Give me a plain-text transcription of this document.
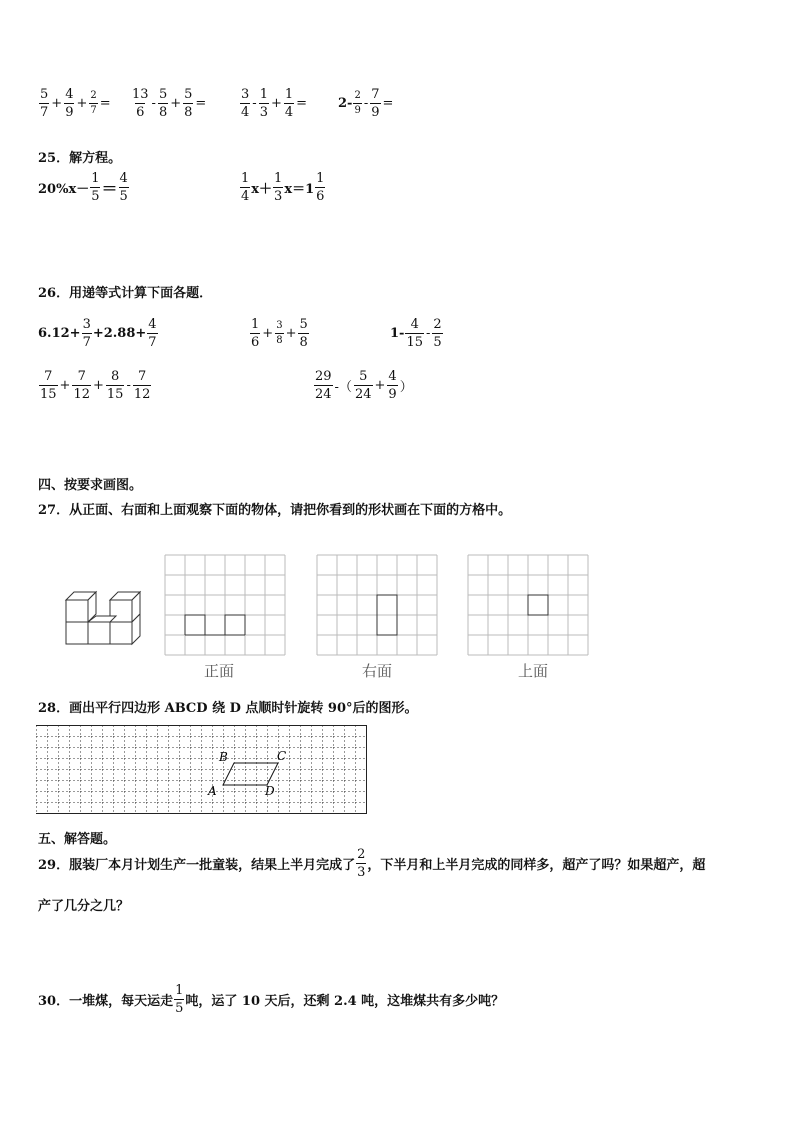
$\frac{5}{7} + \frac{4}{9} + \frac{2}{7} = \frac{13}{6} - \frac{5}{8} + \frac{5}{8}$ =	$\frac{3}{4} - \frac{1}{3} + \frac{1}{4} = 2- \frac{2}{9} - \frac{7}{9}$ =
25．解方程。
$20\%x- \frac{1}{5} = \frac{4}{5}$	$\frac{1}{4} x+ \frac{1}{3} x=1 \frac{1}{6}$
26．用递等式计算下面各题．
$6.12+ \frac{3}{7} +2.88+ \frac{4}{7}$	$\frac{1}{6} + \frac{3}{8} + \frac{5}{8}$	$1- \frac{4}{15} - \frac{2}{5}$
$\frac{7}{15} + \frac{7}{12} + \frac{8}{15} - \frac{7}{12}$	$\frac{29}{24}$ -（ $\frac{5}{24} + \frac{4}{9}$ ）
四、按要求画图。
27．从正面、右面和上面观察下面的物体，请把你看到的形状画在下面的方格中。
正面	右面	上面
28．画出平行四边形 ABCD 绕 D 点顺时针旋转 90°后的图形。
B	C
A	D
五、解答题。
29．服装厂本月计划生产一批童装，结果上半月完成了 $\frac{2}{3}$ ，下半月和上半月完成的同样多，超产了吗？如果超产，超
产了几分之几？
30．一堆煤，每天运走 $\frac{1}{5}$ 吨，运了 10 天后，还剩 2.4 吨，这堆煤共有多少吨？
